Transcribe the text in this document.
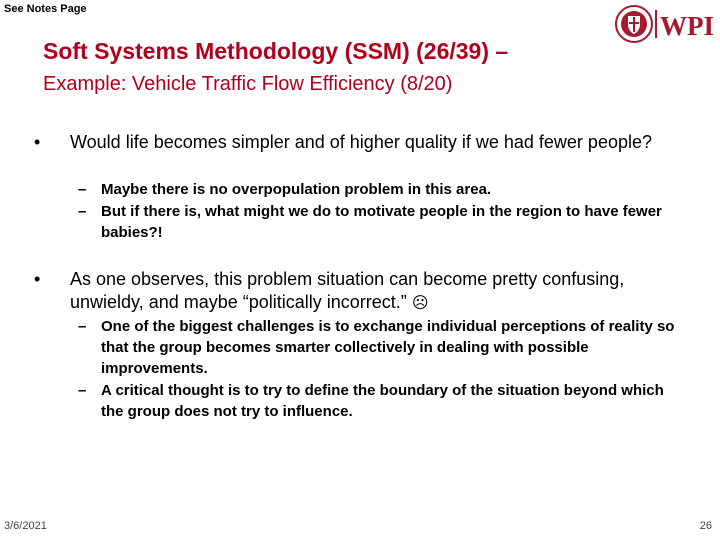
See Notes Page
WPI
Soft Systems Methodology (SSM) (26/39) –
Example: Vehicle Traffic Flow Efficiency (8/20)
• Would life becomes simpler and of higher quality if we had fewer people?
– Maybe there is no overpopulation problem in this area.
– But if there is, what might we do to motivate people in the region to have fewer babies?!
• As one observes, this problem situation can become pretty confusing, unwieldy, and maybe “politically incorrect.” ☹
– One of the biggest challenges is to exchange individual perceptions of reality so that the group becomes smarter collectively in dealing with possible improvements.
– A critical thought is to try to define the boundary of the situation beyond which the group does not try to influence.
3/6/2021	26
